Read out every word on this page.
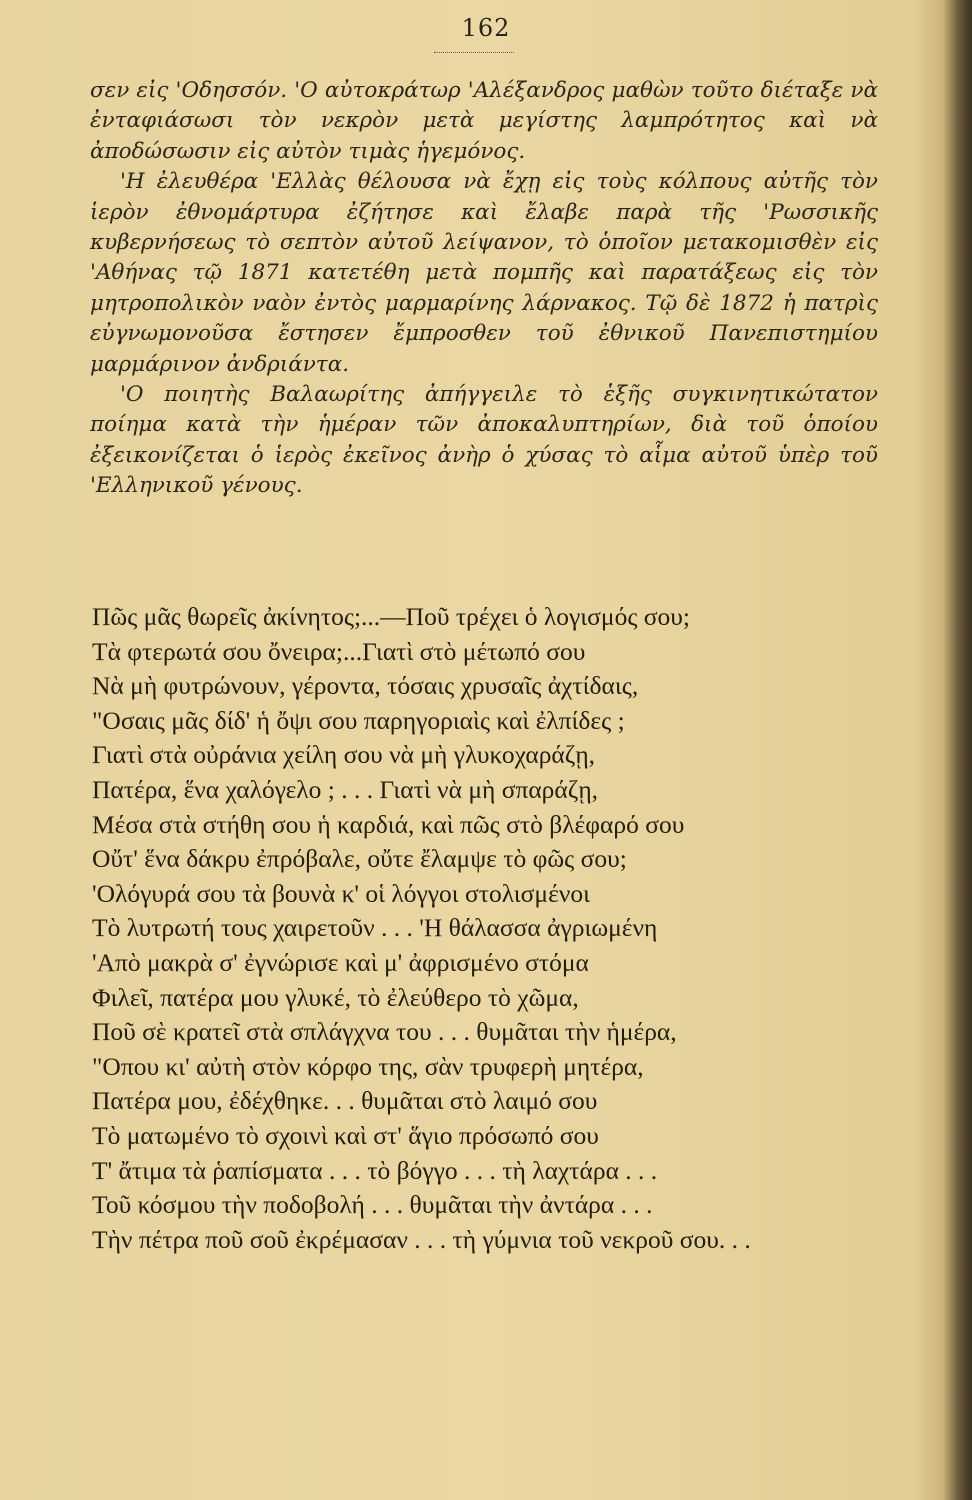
162

σεν εἰς 'Οδησσόν. 'Ο αὐτοκράτωρ 'Αλέξανδρος μαθὼν τοῦτο διέταξε νὰ ἐνταφιάσωσι τὸν νεκρὸν μετὰ μεγίστης λαμπρότητος καὶ νὰ ἀποδώσωσιν εἰς αὐτὸν τιμὰς ἡγεμόνος.

'Η ἐλευθέρα 'Ελλὰς θέλουσα νὰ ἔχῃ εἰς τοὺς κόλπους αὐτῆς τὸν ἱερὸν ἐθνομάρτυρα ἐζήτησε καὶ ἔλαβε παρὰ τῆς 'Ρωσσικῆς κυβερνήσεως τὸ σεπτὸν αὐτοῦ λείψανον, τὸ ὁποῖον μετακομισθὲν εἰς 'Αθήνας τῷ 1871 κατετέθη μετὰ πομπῆς καὶ παρατάξεως εἰς τὸν μητροπολικὸν ναὸν ἐντὸς μαρμαρίνης λάρνακος. Τῷ δὲ 1872 ἡ πατρὶς εὐγνωμονοῦσα ἔστησεν ἔμπροσθεν τοῦ ἐθνικοῦ Πανεπιστημίου μαρμάρινον ἀνδριάντα.

'Ο ποιητὴς Βαλαωρίτης ἀπήγγειλε τὸ ἑξῆς συγκινητικώτατον ποίημα κατὰ τὴν ἡμέραν τῶν ἀποκαλυπτηρίων, διὰ τοῦ ὁποίου ἐξεικονίζεται ὁ ἱερὸς ἐκεῖνος ἀνὴρ ὁ χύσας τὸ αἷμα αὐτοῦ ὑπὲρ τοῦ 'Ελληνικοῦ γένους.

Πῶς μᾶς θωρεῖς ἀκίνητος;...—Ποῦ τρέχει ὁ λογισμός σου;
Τὰ φτερωτά σου ὄνειρα;...Γιατὶ στὸ μέτωπό σου
Νὰ μὴ φυτρώνουν, γέροντα, τόσαις χρυσαῖς ἀχτίδαις,
"Οσαις μᾶς δίδ' ἡ ὄψι σου παρηγοριαὶς καὶ ἐλπίδες ;
Γιατὶ στὰ οὐράνια χείλη σου νὰ μὴ γλυκοχαράζῃ,
Πατέρα, ἕνα χαλόγελο ; . . . Γιατὶ νὰ μὴ σπαράζῃ,
Μέσα στὰ στήθη σου ἡ καρδιά, καὶ πῶς στὸ βλέφαρό σου
Οὔτ' ἕνα δάκρυ ἐπρόβαλε, οὔτε ἔλαμψε τὸ φῶς σου;
'Ολόγυρά σου τὰ βουνὰ κ' οἱ λόγγοι στολισμένοι
Τὸ λυτρωτή τους χαιρετοῦν . . . 'Η θάλασσα ἀγριωμένη
'Απὸ μακρὰ σ' ἐγνώρισε καὶ μ' ἀφρισμένο στόμα
Φιλεῖ, πατέρα μου γλυκέ, τὸ ἐλεύθερο τὸ χῶμα,
Ποῦ σὲ κρατεῖ στὰ σπλάγχνα του . . . θυμᾶται τὴν ἡμέρα,
"Οπου κι' αὐτὴ στὸν κόρφο της, σὰν τρυφερὴ μητέρα,
Πατέρα μου, ἐδέχθηκε. . . θυμᾶται στὸ λαιμό σου
Τὸ ματωμένο τὸ σχοινὶ καὶ στ' ἅγιο πρόσωπό σου
Τ' ἄτιμα τὰ ῥαπίσματα . . . τὸ βόγγο . . . τὴ λαχτάρα . . .
Τοῦ κόσμου τὴν ποδοβολή . . . θυμᾶται τὴν ἀντάρα . . .
Τὴν πέτρα ποῦ σοῦ ἐκρέμασαν . . . τὴ γύμνια τοῦ νεκροῦ σου. . .
